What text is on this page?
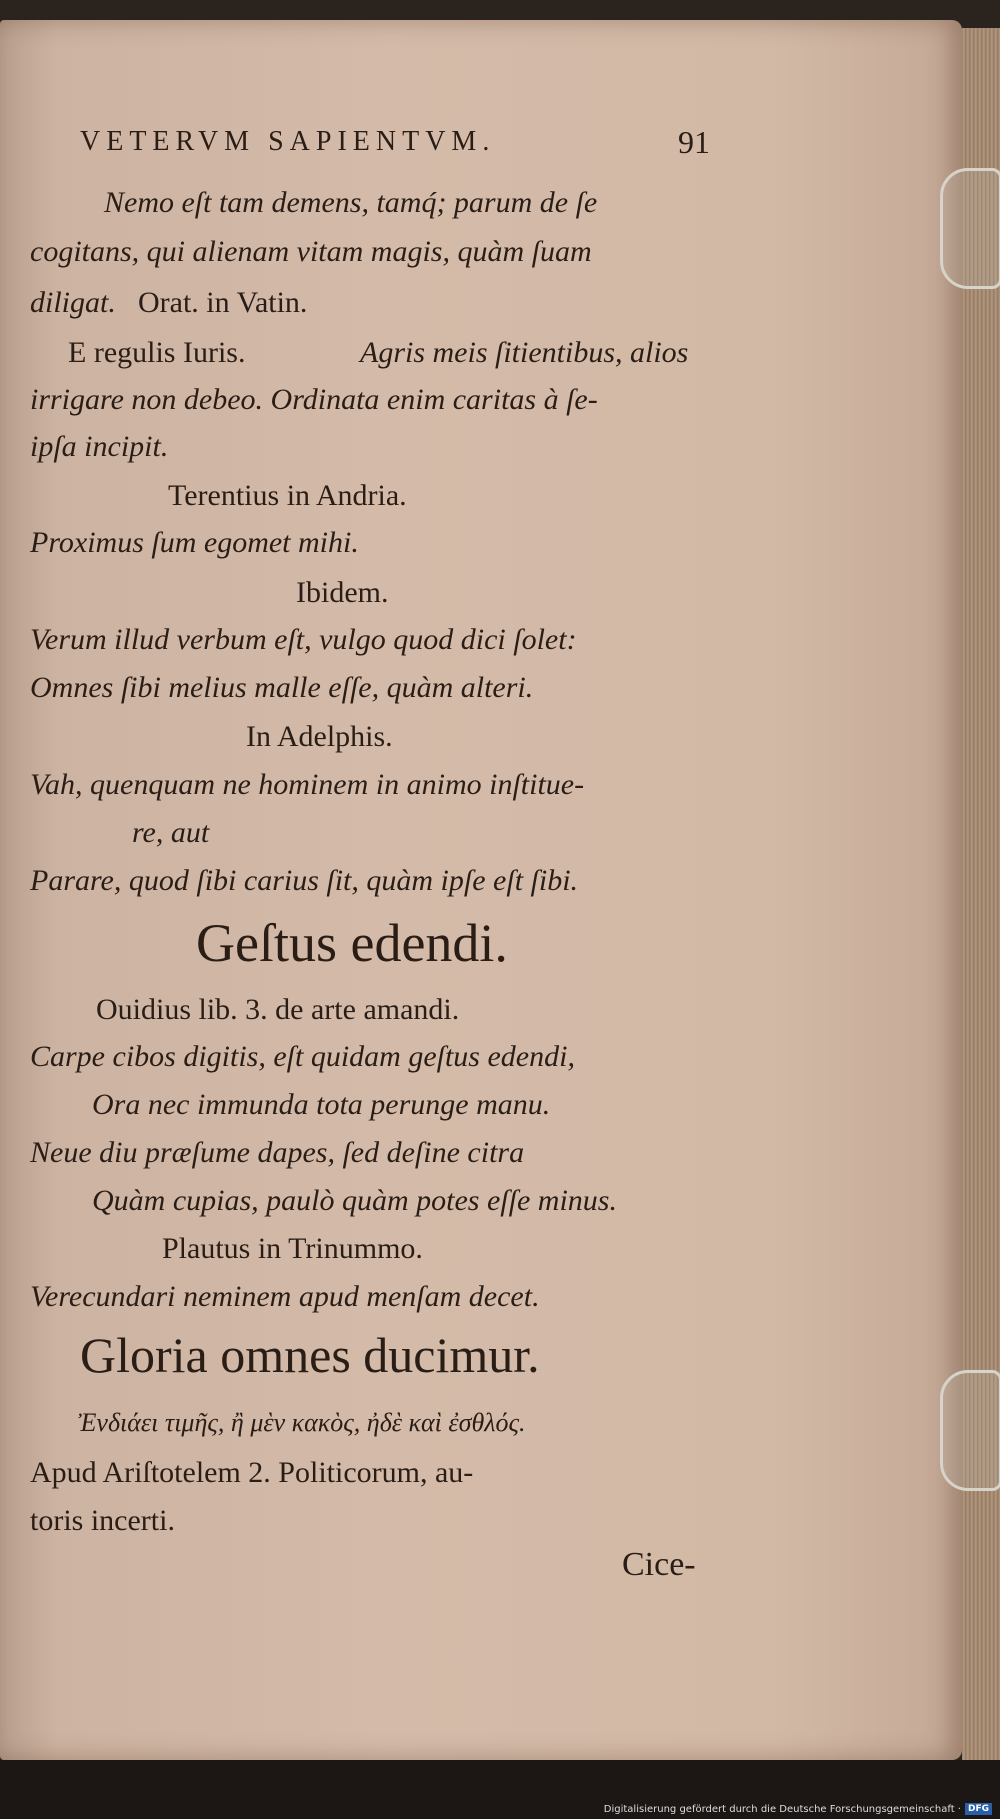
VETERVM SAPIENTVM.	91
Nemo eſt tam demens, tamq́; parum de ſe
cogitans, qui alienam vitam magis, quàm ſuam
diligat. Orat. in Vatin.
E regulis Iuris.	Agris meis ſitientibus, alios
irrigare non debeo. Ordinata enim caritas à ſe-
ipſa incipit.
Terentius in Andria.
Proximus ſum egomet mihi.
Ibidem.
Verum illud verbum eſt, vulgo quod dici ſolet:
Omnes ſibi melius malle eſſe, quàm alteri.
In Adelphis.
Vah, quenquam ne hominem in animo inſtitue-
re, aut
Parare, quod ſibi carius ſit, quàm ipſe eſt ſibi.
Geſtus edendi.
Ouidius lib. 3. de arte amandi.
Carpe cibos digitis, eſt quidam geſtus edendi,
Ora nec immunda tota perunge manu.
Neue diu præſume dapes, ſed deſine citra
Quàm cupias, paulò quàm potes eſſe minus.
Plautus in Trinummo.
Verecundari neminem apud menſam decet.
Gloria omnes ducimur.
Ἐνδιάει τιμῆς, ἢ μὲν κακὸς, ἠδὲ καὶ ἐσθλός.
Apud Ariſtotelem 2. Politicorum, au-
toris incerti.
Cice-
Digitalisierung gefördert durch die Deutsche Forschungsgemeinschaft · DFG
